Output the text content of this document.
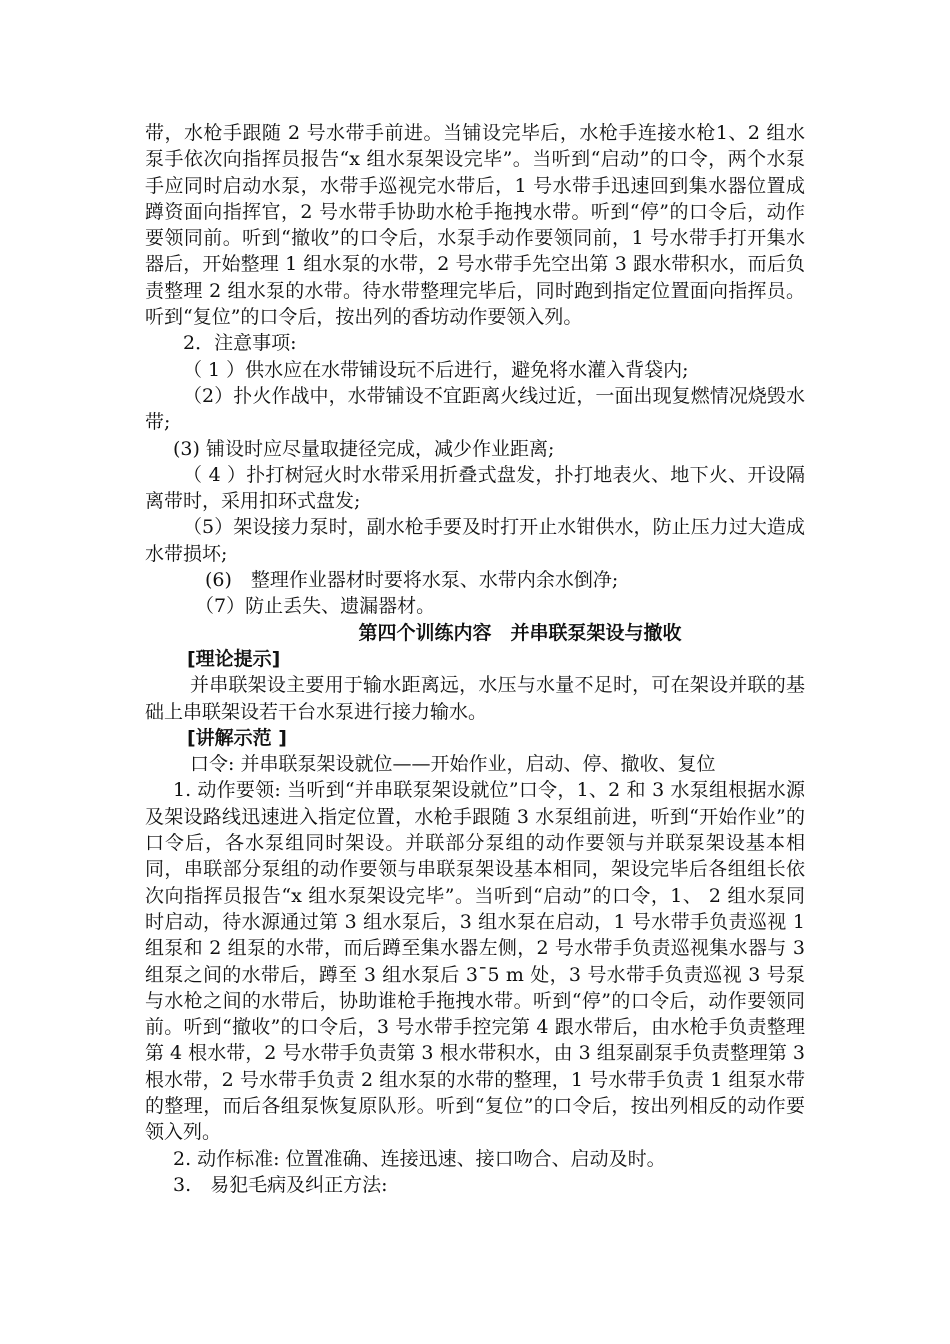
带，水枪手跟随 2 号水带手前进。当铺设完毕后，水枪手连接水枪1、2 组水泵手依次向指挥员报告“x 组水泵架设完毕”。当听到“启动”的口令，两个水泵手应同时启动水泵，水带手巡视完水带后，1 号水带手迅速回到集水器位置成蹲资面向指挥官，2 号水带手协助水枪手拖拽水带。听到“停”的口令后，动作要领同前。听到“撤收”的口令后，水泵手动作要领同前，1 号水带手打开集水器后，开始整理 1 组水泵的水带，2 号水带手先空出第 3 跟水带积水，而后负责整理 2 组水泵的水带。待水带整理完毕后，同时跑到指定位置面向指挥员。听到“复位”的口令后，按出列的香坊动作要领入列。

2．注意事项:

（ 1 ）供水应在水带铺设玩不后进行，避免将水灌入背袋内;

（2）扑火作战中，水带铺设不宜距离火线过近，一面出现复燃情况烧毁水带;

(3) 铺设时应尽量取捷径完成，减少作业距离;

（ 4 ）扑打树冠火时水带采用折叠式盘发，扑打地表火、地下火、开设隔离带时，采用扣环式盘发;

（5）架设接力泵时，副水枪手要及时打开止水钳供水，防止压力过大造成水带损坏;

(6)　整理作业器材时要将水泵、水带内余水倒净;

（7）防止丢失、遗漏器材。

第四个训练内容　并串联泵架设与撤收

[理论提示]

并串联架设主要用于输水距离远，水压与水量不足时，可在架设并联的基础上串联架设若干台水泵进行接力输水。

[讲解示范 ]

口令: 并串联泵架设就位——开始作业，启动、停、撤收、复位

1. 动作要领: 当听到“并串联泵架设就位”口令，1、2 和 3 水泵组根据水源及架设路线迅速进入指定位置，水枪手跟随 3 水泵组前进，听到“开始作业”的口令后，各水泵组同时架设。并联部分泵组的动作要领与并联泵架设基本相同，串联部分泵组的动作要领与串联泵架设基本相同，架设完毕后各组组长依次向指挥员报告“x 组水泵架设完毕”。当听到“启动”的口令，1、 2 组水泵同时启动，待水源通过第 3 组水泵后，3 组水泵在启动，1 号水带手负责巡视 1 组泵和 2 组泵的水带，而后蹲至集水器左侧，2 号水带手负责巡视集水器与 3 组泵之间的水带后，蹲至 3 组水泵后 3¯5 m 处，3 号水带手负责巡视 3 号泵与水枪之间的水带后，协助谁枪手拖拽水带。听到“停”的口令后，动作要领同前。听到“撤收”的口令后，3 号水带手控完第 4 跟水带后，由水枪手负责整理第 4 根水带，2 号水带手负责第 3 根水带积水，由 3 组泵副泵手负责整理第 3 根水带，2 号水带手负责 2 组水泵的水带的整理，1 号水带手负责 1 组泵水带的整理，而后各组泵恢复原队形。听到“复位”的口令后，按出列相反的动作要领入列。

2. 动作标准: 位置准确、连接迅速、接口吻合、启动及时。

3.　易犯毛病及纠正方法:
